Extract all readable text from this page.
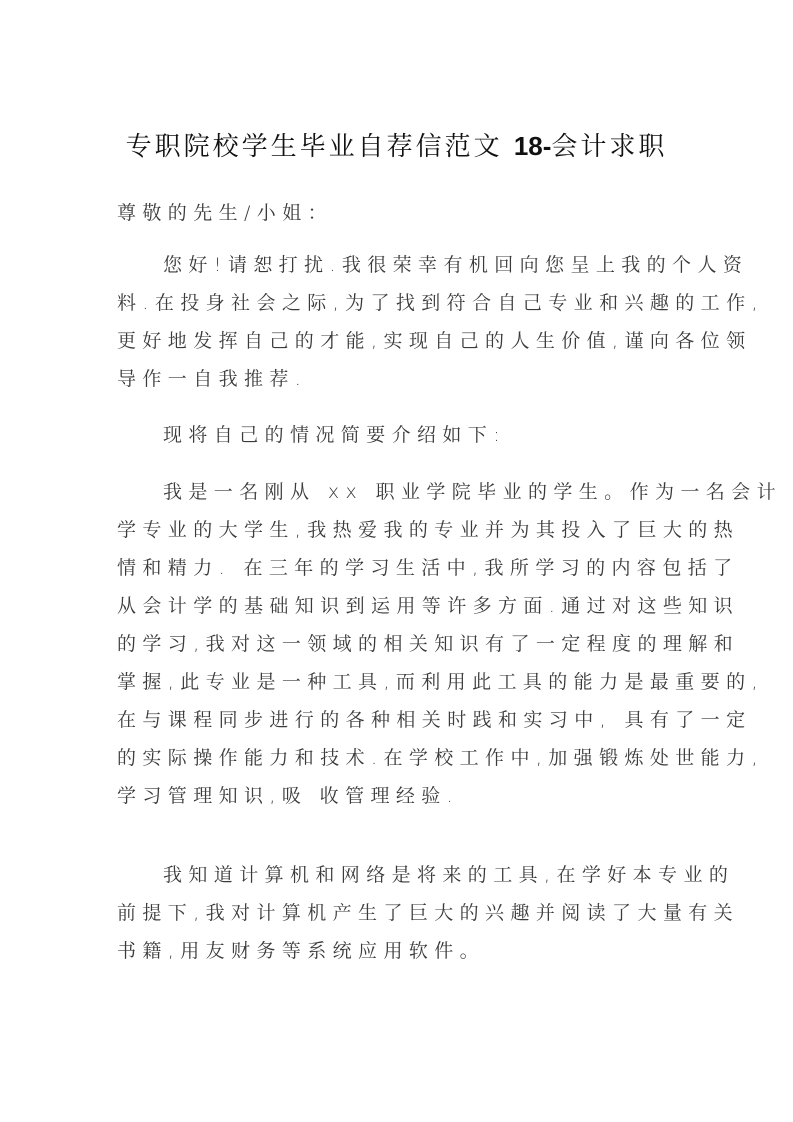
专职院校学生毕业自荐信范文 18-会计求职
尊敬的先生/小姐：
您好!请恕打扰.我很荣幸有机回向您呈上我的个人资
料.在投身社会之际,为了找到符合自己专业和兴趣的工作,
更好地发挥自己的才能,实现自己的人生价值,谨向各位领
导作一自我推荐.
现将自己的情况简要介绍如下:
我是一名刚从 xx 职业学院毕业的学生。作为一名会计
学专业的大学生,我热爱我的专业并为其投入了巨大的热
情和精力. 在三年的学习生活中,我所学习的内容包括了
从会计学的基础知识到运用等许多方面.通过对这些知识
的学习,我对这一领域的相关知识有了一定程度的理解和
掌握,此专业是一种工具,而利用此工具的能力是最重要的,
在与课程同步进行的各种相关时践和实习中, 具有了一定
的实际操作能力和技术.在学校工作中,加强锻炼处世能力,
学习管理知识,吸 收管理经验.
我知道计算机和网络是将来的工具,在学好本专业的
前提下,我对计算机产生了巨大的兴趣并阅读了大量有关
书籍,用友财务等系统应用软件。
